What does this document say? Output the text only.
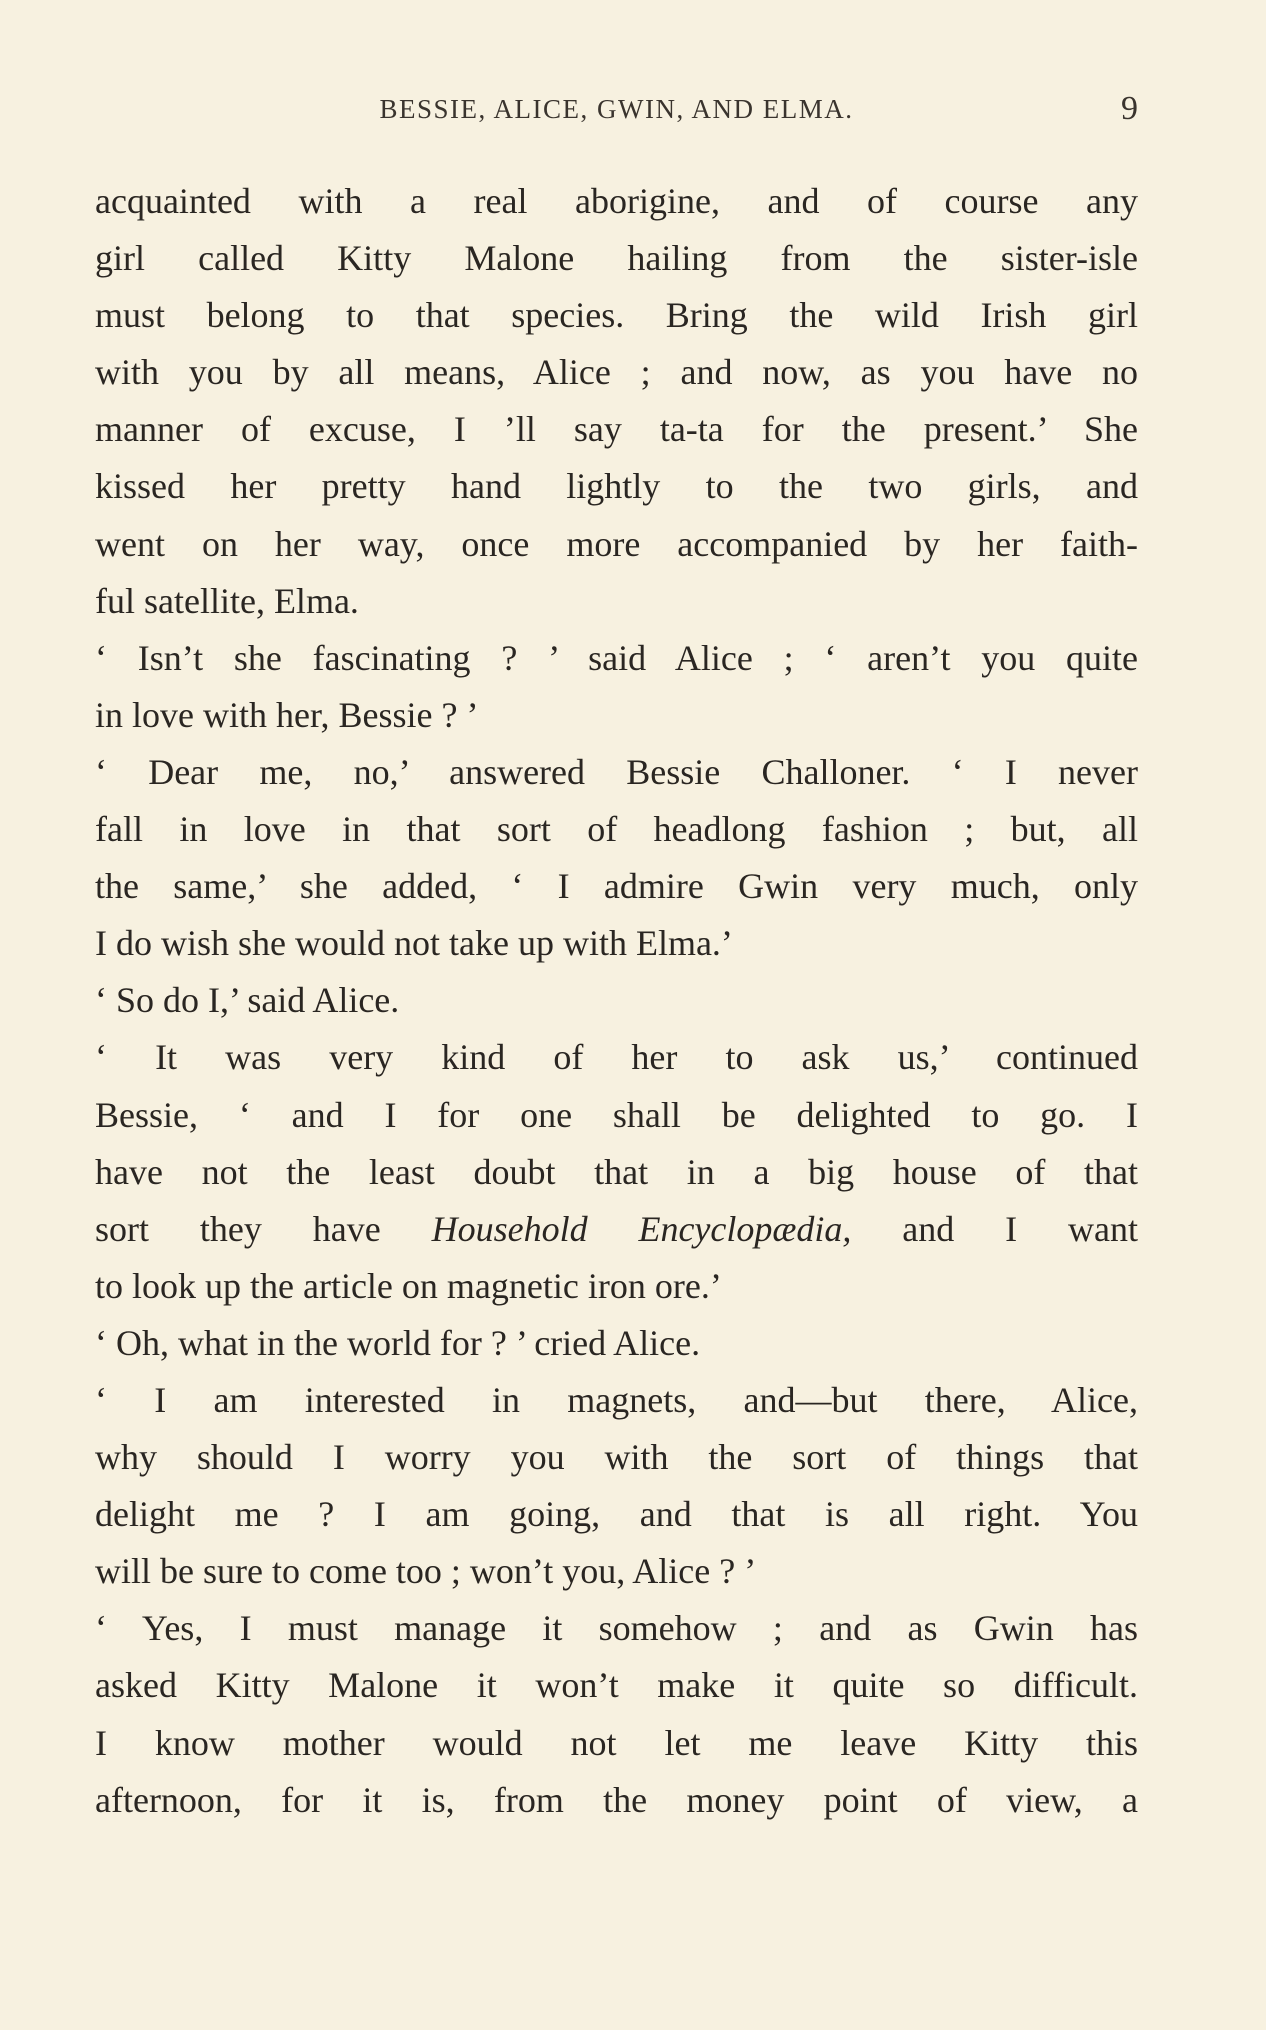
BESSIE, ALICE, GWIN, AND ELMA.	9
acquainted with a real aborigine, and of course any
girl called Kitty Malone hailing from the sister-isle
must belong to that species. Bring the wild Irish girl
with you by all means, Alice ; and now, as you have no
manner of excuse, I ’ll say ta-ta for the present.’ She
kissed her pretty hand lightly to the two girls, and
went on her way, once more accompanied by her faith-
ful satellite, Elma.
‘ Isn’t she fascinating ? ’ said Alice ; ‘ aren’t you quite
in love with her, Bessie ? ’
‘ Dear me, no,’ answered Bessie Challoner. ‘ I never
fall in love in that sort of headlong fashion ; but, all
the same,’ she added, ‘ I admire Gwin very much, only
I do wish she would not take up with Elma.’
‘ So do I,’ said Alice.
‘ It was very kind of her to ask us,’ continued
Bessie, ‘ and I for one shall be delighted to go. I
have not the least doubt that in a big house of that
sort they have Household Encyclopædia, and I want
to look up the article on magnetic iron ore.’
‘ Oh, what in the world for ? ’ cried Alice.
‘ I am interested in magnets, and—but there, Alice,
why should I worry you with the sort of things that
delight me ? I am going, and that is all right. You
will be sure to come too ; won’t you, Alice ? ’
‘ Yes, I must manage it somehow ; and as Gwin has
asked Kitty Malone it won’t make it quite so difficult.
I know mother would not let me leave Kitty this
afternoon, for it is, from the money point of view, a
